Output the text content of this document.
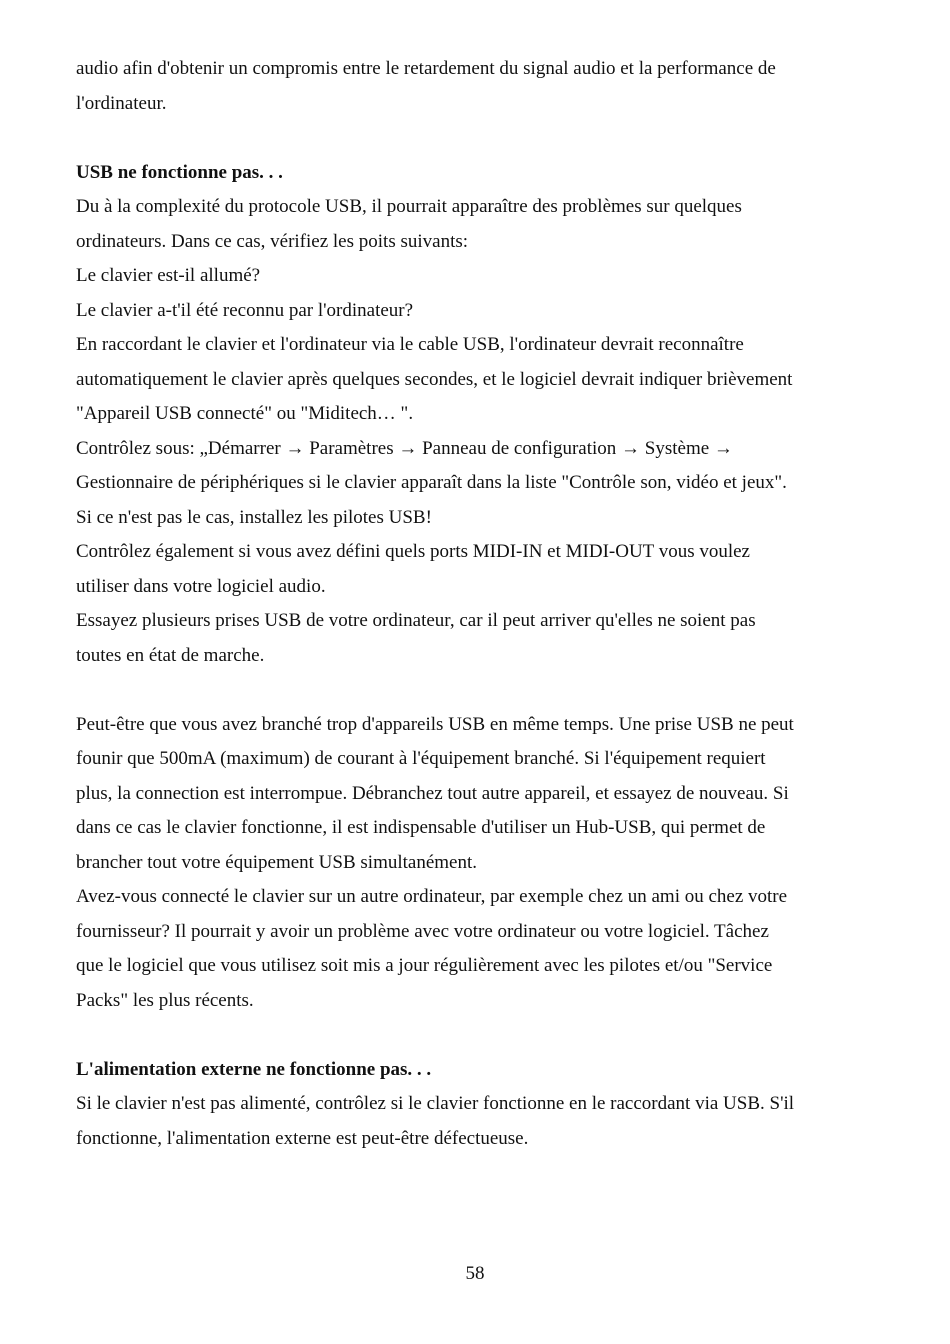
audio afin d'obtenir un compromis entre le retardement du signal audio et la performance de
l'ordinateur.
USB ne fonctionne pas. . .
Du à la complexité du protocole USB, il pourrait apparaître des problèmes sur quelques
ordinateurs. Dans ce cas, vérifiez les poits suivants:
Le clavier est-il allumé?
Le clavier a-t'il été reconnu par l'ordinateur?
En raccordant le clavier et l'ordinateur via le cable USB, l'ordinateur devrait reconnaître
automatiquement le clavier après quelques secondes, et le logiciel devrait indiquer brièvement
"Appareil USB connecté" ou "Miditech… ".
Contrôlez sous: „Démarrer → Paramètres → Panneau de configuration → Système →
Gestionnaire de périphériques si le clavier apparaît dans la liste "Contrôle son, vidéo et jeux".
Si ce n'est pas le cas, installez les pilotes USB!
Contrôlez également si vous avez défini quels ports MIDI-IN et MIDI-OUT vous voulez
utiliser dans votre logiciel audio.
Essayez plusieurs prises USB de votre ordinateur, car il peut arriver qu'elles ne soient pas
toutes en état de marche.
Peut-être que vous avez branché trop d'appareils USB en même temps. Une prise USB ne peut
founir que 500mA (maximum) de courant à l'équipement branché. Si l'équipement requiert
plus, la connection est interrompue. Débranchez tout autre appareil, et essayez de nouveau. Si
dans ce cas le clavier fonctionne, il est indispensable d'utiliser un Hub-USB, qui permet de
brancher tout votre équipement USB simultanément.
Avez-vous connecté le clavier sur un autre ordinateur, par exemple chez un ami ou chez votre
fournisseur? Il pourrait y avoir un problème avec votre ordinateur ou votre logiciel. Tâchez
que le logiciel que vous utilisez soit mis a jour régulièrement avec les pilotes et/ou "Service
Packs" les plus récents.
L'alimentation externe ne fonctionne pas. . .
Si le clavier n'est pas alimenté, contrôlez si le clavier fonctionne en le raccordant via USB. S'il
fonctionne, l'alimentation externe est peut-être défectueuse.
58
